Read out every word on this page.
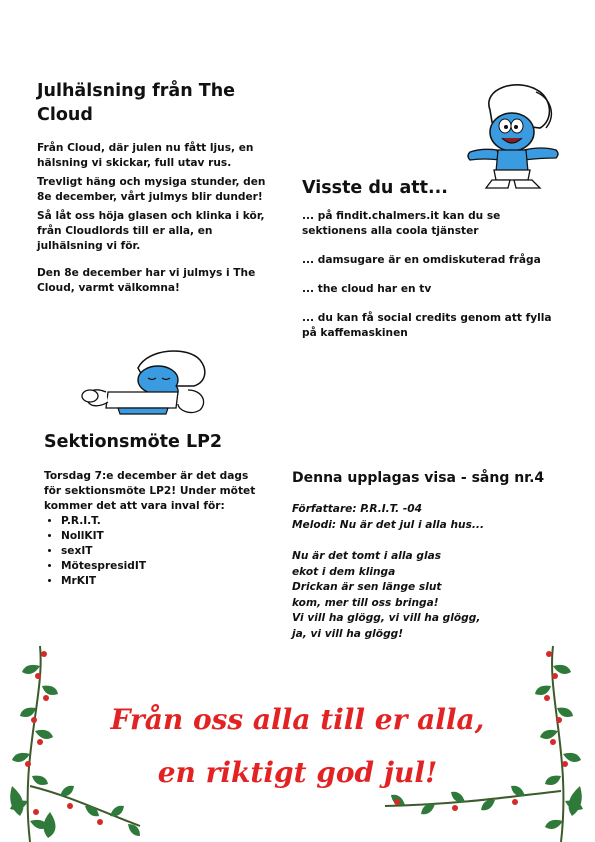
Julhälsning från The Cloud

Från Cloud, där julen nu fått ljus, en hälsning vi skickar, full utav rus.

Trevligt häng och mysiga stunder, den 8e december, vårt julmys blir dunder!

Så låt oss höja glasen och klinka i kör, från Cloudlords till er alla, en julhälsning vi för.

Den 8e december har vi julmys i The Cloud, varmt välkomna!

Visste du att...

... på findit.chalmers.it kan du se sektionens alla coola tjänster

... damsugare är en omdiskuterad fråga

... the cloud har en tv

... du kan få social credits genom att fylla på kaffemaskinen

Sektionsmöte LP2

Torsdag 7:e december är det dags för sektionsmöte LP2! Under mötet kommer det att vara inval för:

• P.R.I.T.
• NollKIT
• sexIT
• MötespresidIT
• MrKIT
Denna upplagas visa - sång nr.4

Författare: P.R.I.T. -04

Melodi: Nu är det jul i alla hus...

Nu är det tomt i alla glas

ekot i dem klinga

Drickan är sen länge slut

kom, mer till oss bringa!

Vi vill ha glögg, vi vill ha glögg,

ja, vi vill ha glögg!

Från oss alla till er alla,
en riktigt god jul!
